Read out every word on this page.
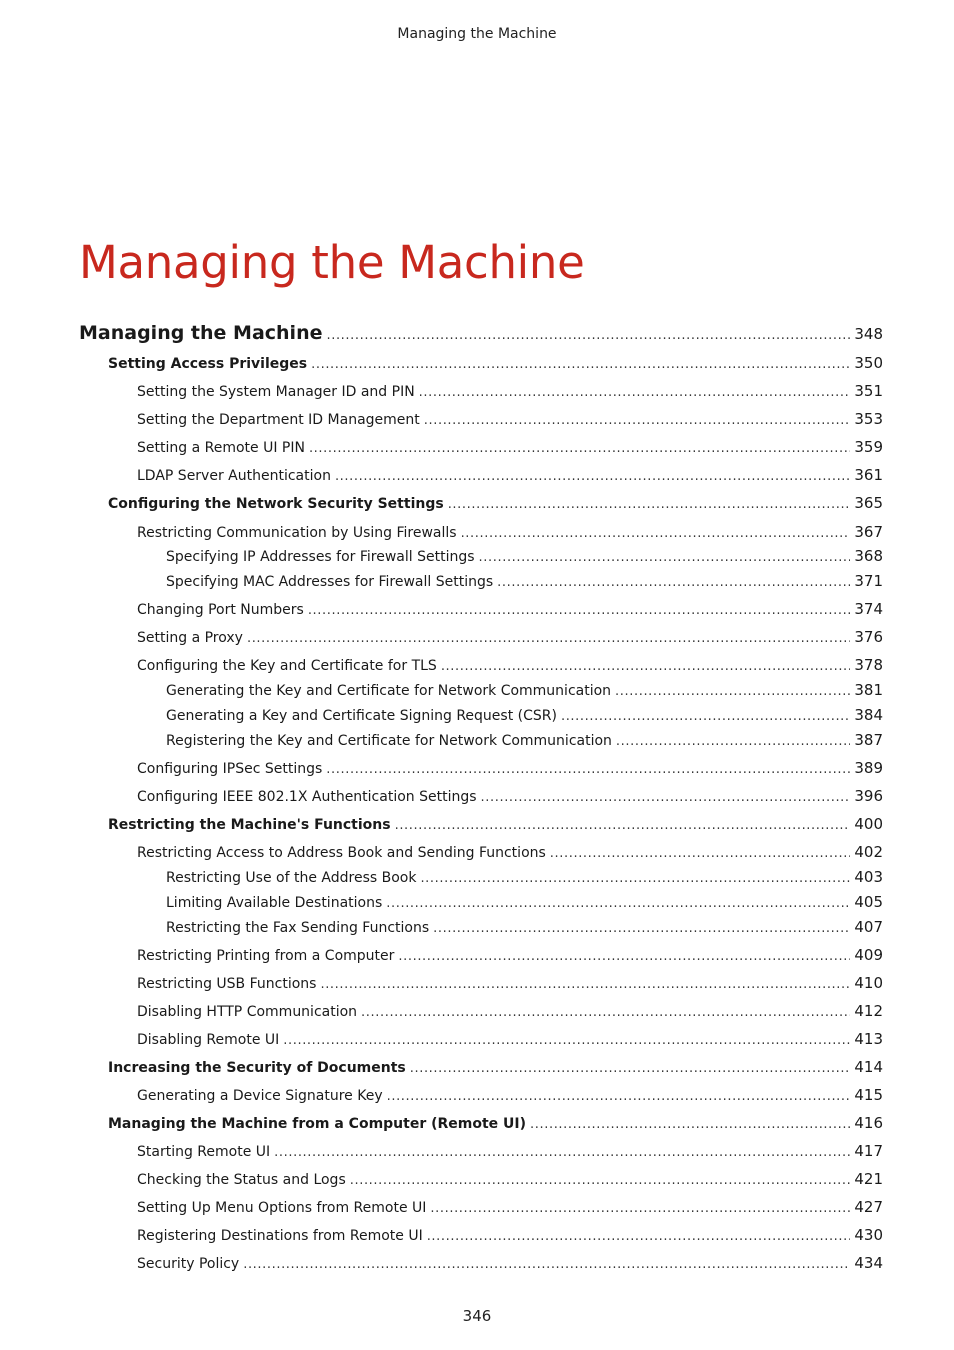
Managing the Machine
Managing the Machine
Managing the Machine .....	348
Setting Access Privileges .....	350
Setting the System Manager ID and PIN .....	351
Setting the Department ID Management .....	353
Setting a Remote UI PIN .....	359
LDAP Server Authentication .....	361
Configuring the Network Security Settings .....	365
Restricting Communication by Using Firewalls .....	367
Specifying IP Addresses for Firewall Settings .....	368
Specifying MAC Addresses for Firewall Settings .....	371
Changing Port Numbers .....	374
Setting a Proxy .....	376
Configuring the Key and Certificate for TLS .....	378
Generating the Key and Certificate for Network Communication .....	381
Generating a Key and Certificate Signing Request (CSR) .....	384
Registering the Key and Certificate for Network Communication .....	387
Configuring IPSec Settings .....	389
Configuring IEEE 802.1X Authentication Settings .....	396
Restricting the Machine's Functions .....	400
Restricting Access to Address Book and Sending Functions .....	402
Restricting Use of the Address Book .....	403
Limiting Available Destinations .....	405
Restricting the Fax Sending Functions .....	407
Restricting Printing from a Computer .....	409
Restricting USB Functions .....	410
Disabling HTTP Communication .....	412
Disabling Remote UI .....	413
Increasing the Security of Documents .....	414
Generating a Device Signature Key .....	415
Managing the Machine from a Computer (Remote UI) .....	416
Starting Remote UI .....	417
Checking the Status and Logs .....	421
Setting Up Menu Options from Remote UI .....	427
Registering Destinations from Remote UI .....	430
Security Policy .....	434
346
